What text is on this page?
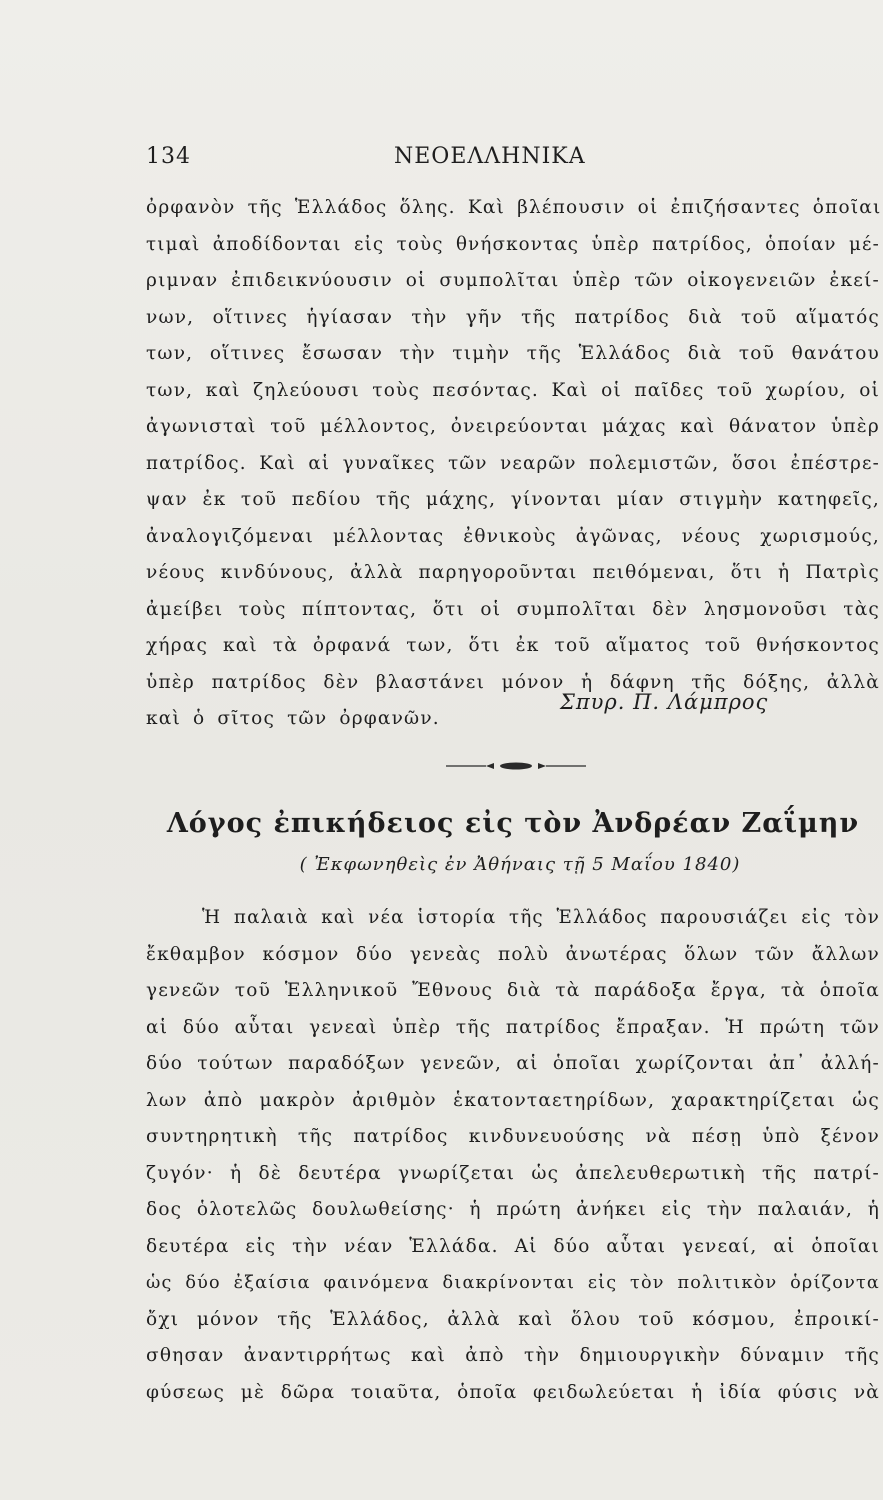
134	ΝΕΟΕΛΛΗΝΙΚΑ
ὀρφανὸν τῆς Ἑλλάδος ὅλης. Καὶ βλέπουσιν οἱ ἐπιζήσαντες ὁποῖαι
τιμαὶ ἀποδίδονται εἰς τοὺς θνήσκοντας ὑπὲρ πατρίδος, ὁποίαν μέ-
ριμναν ἐπιδεικνύουσιν οἱ συμπολῖται ὑπὲρ τῶν οἰκογενειῶν ἐκεί-
νων, οἵτινες ἡγίασαν τὴν γῆν τῆς πατρίδος διὰ τοῦ αἵματός
των, οἵτινες ἔσωσαν τὴν τιμὴν τῆς Ἑλλάδος διὰ τοῦ θανάτου
των, καὶ ζηλεύουσι τοὺς πεσόντας. Καὶ οἱ παῖδες τοῦ χωρίου, οἱ
ἀγωνισταὶ τοῦ μέλλοντος, ὀνειρεύονται μάχας καὶ θάνατον ὑπὲρ
πατρίδος. Καὶ αἱ γυναῖκες τῶν νεαρῶν πολεμιστῶν, ὅσοι ἐπέστρε-
ψαν ἐκ τοῦ πεδίου τῆς μάχης, γίνονται μίαν στιγμὴν κατηφεῖς,
ἀναλογιζόμεναι μέλλοντας ἐθνικοὺς ἀγῶνας, νέους χωρισμούς,
νέους κινδύνους, ἀλλὰ παρηγοροῦνται πειθόμεναι, ὅτι ἡ Πατρὶς
ἀμείβει τοὺς πίπτοντας, ὅτι οἱ συμπολῖται δὲν λησμονοῦσι τὰς
χήρας καὶ τὰ ὀρφανά των, ὅτι ἐκ τοῦ αἵματος τοῦ θνήσκοντος
ὑπὲρ πατρίδος δὲν βλαστάνει μόνον ἡ δάφνη τῆς δόξης, ἀλλὰ
καὶ ὁ σῖτος τῶν ὀρφανῶν.
Σπυρ. Π. Λάμπρος
Λόγος ἐπικήδειος εἰς τὸν Ἀνδρέαν Ζαΐμην
( Ἐκφωνηθεὶς ἐν Ἀθήναις τῇ 5 Μαΐου 1840)
Ἡ παλαιὰ καὶ νέα ἱστορία τῆς Ἑλλάδος παρουσιάζει εἰς τὸν
ἔκθαμβον κόσμον δύο γενεὰς πολὺ ἀνωτέρας ὅλων τῶν ἄλλων
γενεῶν τοῦ Ἑλληνικοῦ Ἔθνους διὰ τὰ παράδοξα ἔργα, τὰ ὁποῖα
αἱ δύο αὗται γενεαὶ ὑπὲρ τῆς πατρίδος ἔπραξαν. Ἡ πρώτη τῶν
δύο τούτων παραδόξων γενεῶν, αἱ ὁποῖαι χωρίζονται ἀπ᾽ ἀλλή-
λων ἀπὸ μακρὸν ἀριθμὸν ἑκατονταετηρίδων, χαρακτηρίζεται ὡς
συντηρητικὴ τῆς πατρίδος κινδυνευούσης νὰ πέσῃ ὑπὸ ξένον
ζυγόν· ἡ δὲ δευτέρα γνωρίζεται ὡς ἀπελευθερωτικὴ τῆς πατρί-
δος ὁλοτελῶς δουλωθείσης· ἡ πρώτη ἀνήκει εἰς τὴν παλαιάν, ἡ
δευτέρα εἰς τὴν νέαν Ἑλλάδα. Αἱ δύο αὗται γενεαί, αἱ ὁποῖαι
ὡς δύο ἐξαίσια φαινόμενα διακρίνονται εἰς τὸν πολιτικὸν ὁρίζοντα
ὄχι μόνον τῆς Ἑλλάδος, ἀλλὰ καὶ ὅλου τοῦ κόσμου, ἐπροικί-
σθησαν ἀναντιρρήτως καὶ ἀπὸ τὴν δημιουργικὴν δύναμιν τῆς
φύσεως μὲ δῶρα τοιαῦτα, ὁποῖα φειδωλεύεται ἡ ἰδία φύσις νὰ
